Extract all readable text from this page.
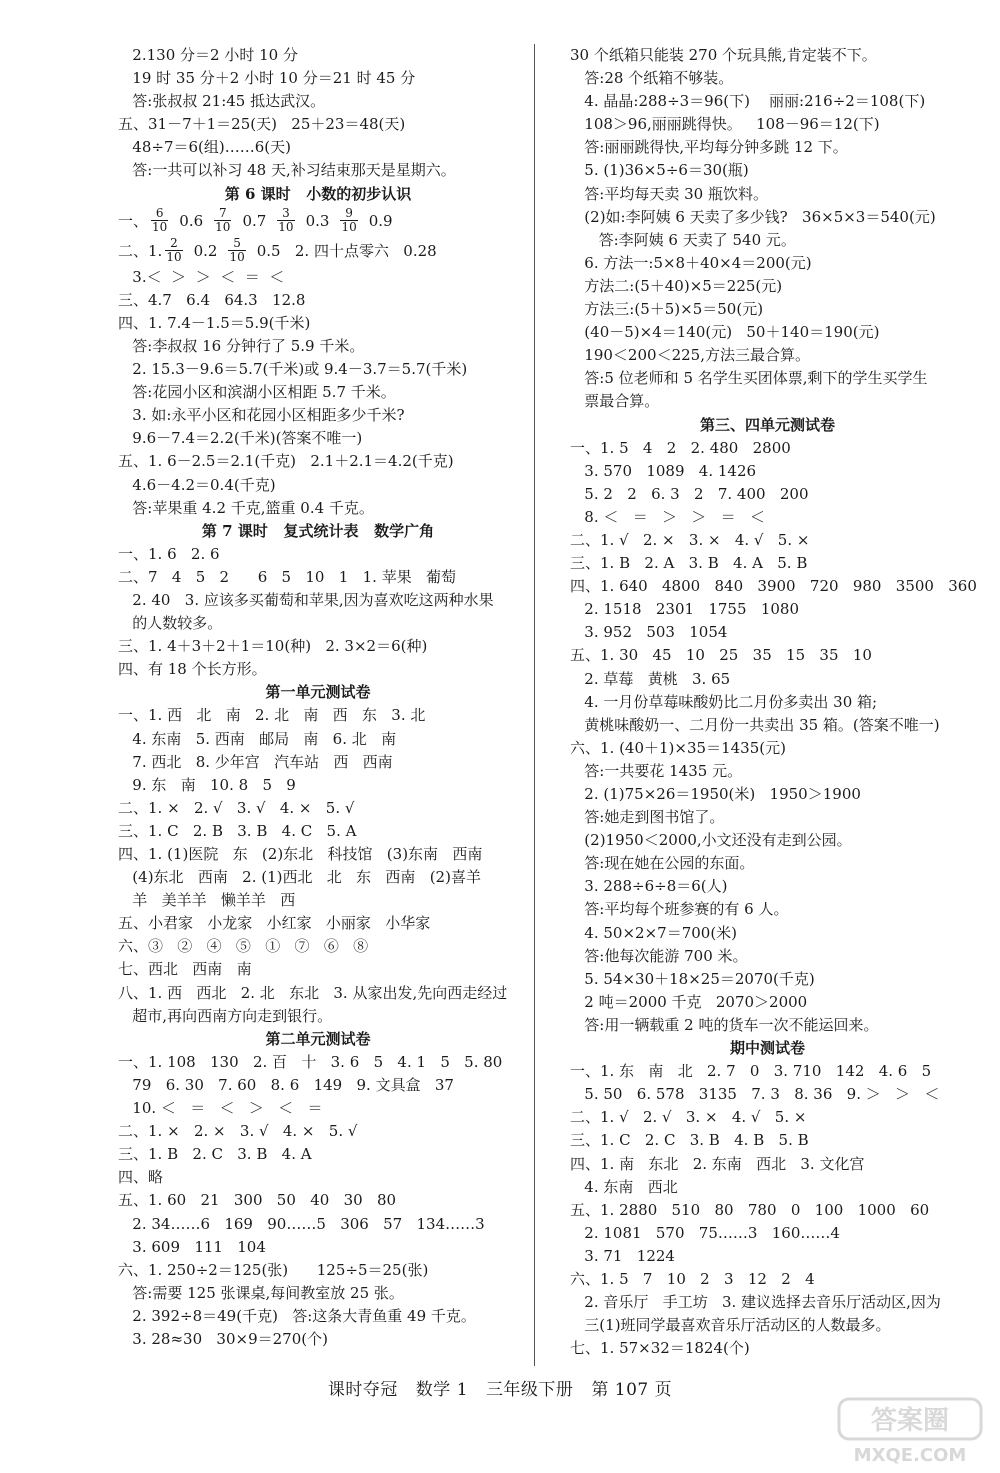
2.130 分＝2 小时 10 分
19 时 35 分＋2 小时 10 分＝21 时 45 分
答:张叔叔 21:45 抵达武汉。
五、31－7＋1＝25(天)   25＋23＝48(天)
48÷7＝6(组)……6(天)
答:一共可以补习 48 天,补习结束那天是星期六。
第 6 课时   小数的初步认识
一、 $\frac{6}{10} 0.6 \frac{7}{10} 0.7 \frac{3}{10} 0.3 \frac{9}{10} 0.9$
二、1. $\frac{2}{10} 0.2 \frac{5}{10} 0.5$   2. 四十点零六   0.28
3.＜  ＞  ＞  ＜  ＝  ＜
三、4.7   6.4   64.3   12.8
四、1. 7.4－1.5＝5.9(千米)
答:李叔叔 16 分钟行了 5.9 千米。
2. 15.3－9.6＝5.7(千米)或 9.4－3.7＝5.7(千米)
答:花园小区和滨湖小区相距 5.7 千米。
3. 如:永平小区和花园小区相距多少千米?
9.6－7.4＝2.2(千米)(答案不唯一)
五、1. 6－2.5＝2.1(千克)   2.1＋2.1＝4.2(千克)
4.6－4.2＝0.4(千克)
答:苹果重 4.2 千克,篮重 0.4 千克。
第 7 课时   复式统计表   数学广角
一、1. 6   2. 6
二、7   4   5   2      6   5   10   1   1. 苹果   葡萄
2. 40   3. 应该多买葡萄和苹果,因为喜欢吃这两种水果
的人数较多。
三、1. 4＋3＋2＋1＝10(种)   2. 3×2＝6(种)
四、有 18 个长方形。
第一单元测试卷
一、1. 西   北   南   2. 北   南   西   东   3. 北
4. 东南   5. 西南   邮局   南   6. 北   南
7. 西北   8. 少年宫   汽车站   西   西南
9. 东   南   10. 8   5   9
二、1. ×   2. √   3. √   4. ×   5. √
三、1. C   2. B   3. B   4. C   5. A
四、1. (1)医院   东   (2)东北   科技馆   (3)东南   西南
(4)东北   西南   2. (1)西北   北   东   西南   (2)喜羊
羊   美羊羊   懒羊羊   西
五、小君家   小龙家   小红家   小丽家   小华家
六、③   ②   ④   ⑤   ①   ⑦   ⑥   ⑧
七、西北   西南   南
八、1. 西   西北   2. 北   东北   3. 从家出发,先向西走经过
超市,再向西南方向走到银行。
第二单元测试卷
一、1. 108   130   2. 百   十   3. 6   5   4. 1   5   5. 80
79   6. 30   7. 60   8. 6   149   9. 文具盒   37
10. ＜   ＝   ＜   ＞   ＜   ＝
二、1. ×   2. ×   3. √   4. ×   5. √
三、1. B   2. C   3. B   4. A
四、略
五、1. 60   21   300   50   40   30   80
2. 34……6   169   90……5   306   57   134……3
3. 609   111   104
六、1. 250÷2＝125(张)      125÷5＝25(张)
答:需要 125 张课桌,每间教室放 25 张。
2. 392÷8＝49(千克)   答:这条大青鱼重 49 千克。
3. 28≈30   30×9＝270(个)
30 个纸箱只能装 270 个玩具熊,肯定装不下。
答:28 个纸箱不够装。
4. 晶晶:288÷3＝96(下)    丽丽:216÷2＝108(下)
108＞96,丽丽跳得快。   108－96＝12(下)
答:丽丽跳得快,平均每分钟多跳 12 下。
5. (1)36×5÷6＝30(瓶)
答:平均每天卖 30 瓶饮料。
(2)如:李阿姨 6 天卖了多少钱?   36×5×3＝540(元)
答:李阿姨 6 天卖了 540 元。
6. 方法一:5×8＋40×4＝200(元)
方法二:(5＋40)×5＝225(元)
方法三:(5＋5)×5＝50(元)
(40－5)×4＝140(元)   50＋140＝190(元)
190＜200＜225,方法三最合算。
答:5 位老师和 5 名学生买团体票,剩下的学生买学生
票最合算。
第三、四单元测试卷
一、1. 5   4   2   2. 480   2800
3. 570   1089   4. 1426
5. 2   2   6. 3   2   7. 400   200
8. ＜   ＝   ＞   ＞   ＝   ＜
二、1. √   2. ×   3. ×   4. √   5. ×
三、1. B   2. A   3. B   4. A   5. B
四、1. 640   4800   840   3900   720   980   3500   360
2. 1518   2301   1755   1080
3. 952   503   1054
五、1. 30   45   10   25   35   15   35   10
2. 草莓   黄桃   3. 65
4. 一月份草莓味酸奶比二月份多卖出 30 箱;
黄桃味酸奶一、二月份一共卖出 35 箱。(答案不唯一)
六、1. (40＋1)×35＝1435(元)
答:一共要花 1435 元。
2. (1)75×26＝1950(米)   1950＞1900
答:她走到图书馆了。
(2)1950＜2000,小文还没有走到公园。
答:现在她在公园的东面。
3. 288÷6÷8＝6(人)
答:平均每个班参赛的有 6 人。
4. 50×2×7＝700(米)
答:他每次能游 700 米。
5. 54×30＋18×25＝2070(千克)
2 吨＝2000 千克   2070＞2000
答:用一辆载重 2 吨的货车一次不能运回来。
期中测试卷
一、1. 东   南   北   2. 7   0   3. 710   142   4. 6   5
5. 50   6. 578   3135   7. 3   8. 36   9. ＞   ＞   ＜
二、1. √   2. √   3. ×   4. √   5. ×
三、1. C   2. C   3. B   4. B   5. B
四、1. 南   东北   2. 东南   西北   3. 文化宫
4. 东南   西北
五、1. 2880   510   80   780   0   100   1000   60
2. 1081   570   75……3   160……4
3. 71   1224
六、1. 5   7   10   2   3   12   2   4
2. 音乐厅   手工坊   3. 建议选择去音乐厅活动区,因为
三(1)班同学最喜欢音乐厅活动区的人数最多。
七、1. 57×32＝1824(个)
课时夺冠 数学 1 三年级下册 第 107 页
答案圈
MXQE.COM
